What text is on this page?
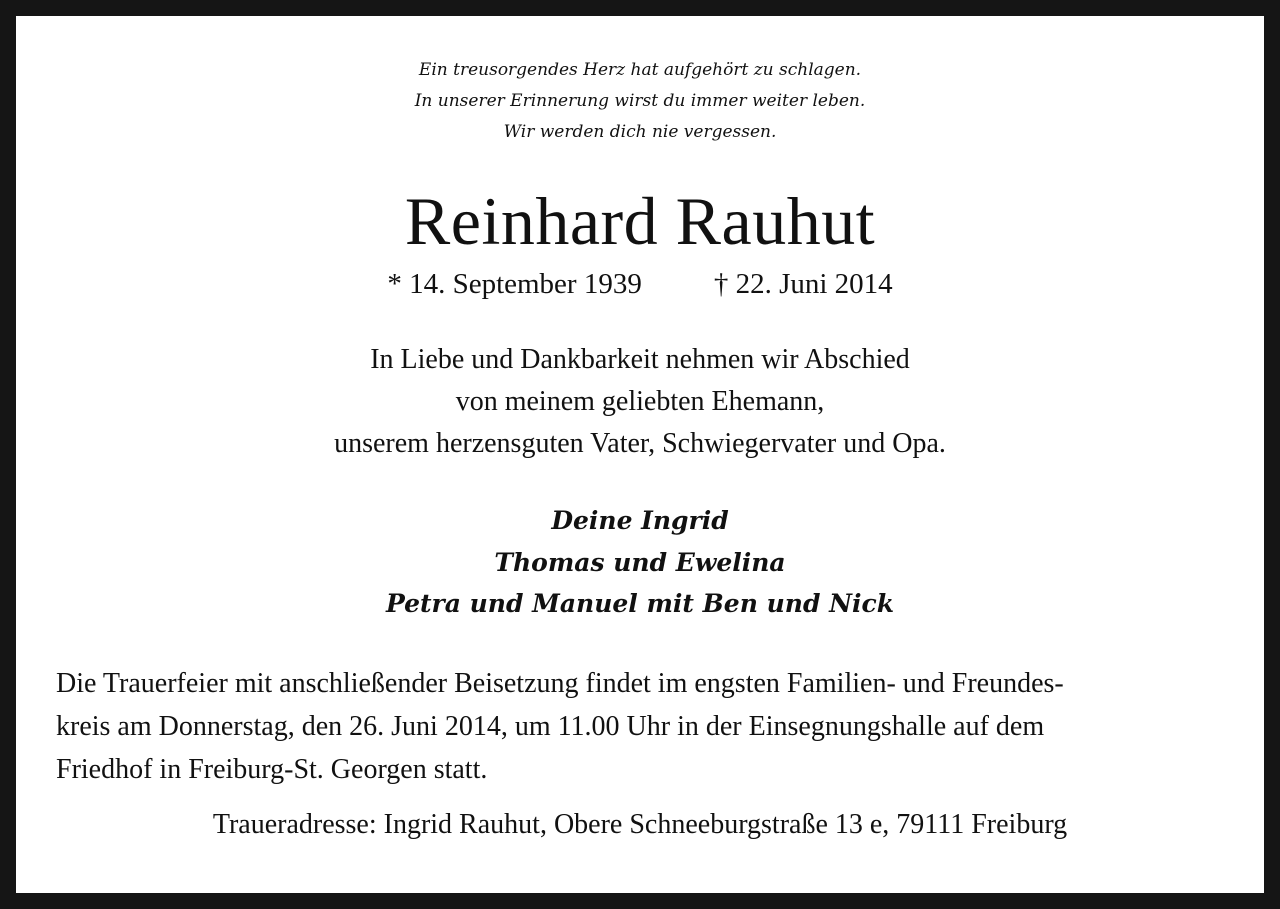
Ein treusorgendes Herz hat aufgehört zu schlagen.
In unserer Erinnerung wirst du immer weiter leben.
Wir werden dich nie vergessen.
Reinhard Rauhut
* 14. September 1939 † 22. Juni 2014
In Liebe und Dankbarkeit nehmen wir Abschied
von meinem geliebten Ehemann,
unserem herzensguten Vater, Schwiegervater und Opa.
Deine Ingrid
Thomas und Ewelina
Petra und Manuel mit Ben und Nick
Die Trauerfeier mit anschließender Beisetzung findet im engsten Familien- und Freundes-
kreis am Donnerstag, den 26. Juni 2014, um 11.00 Uhr in der Einsegnungshalle auf dem
Friedhof in Freiburg-St. Georgen statt.
Traueradresse: Ingrid Rauhut, Obere Schneeburgstraße 13 e, 79111 Freiburg
